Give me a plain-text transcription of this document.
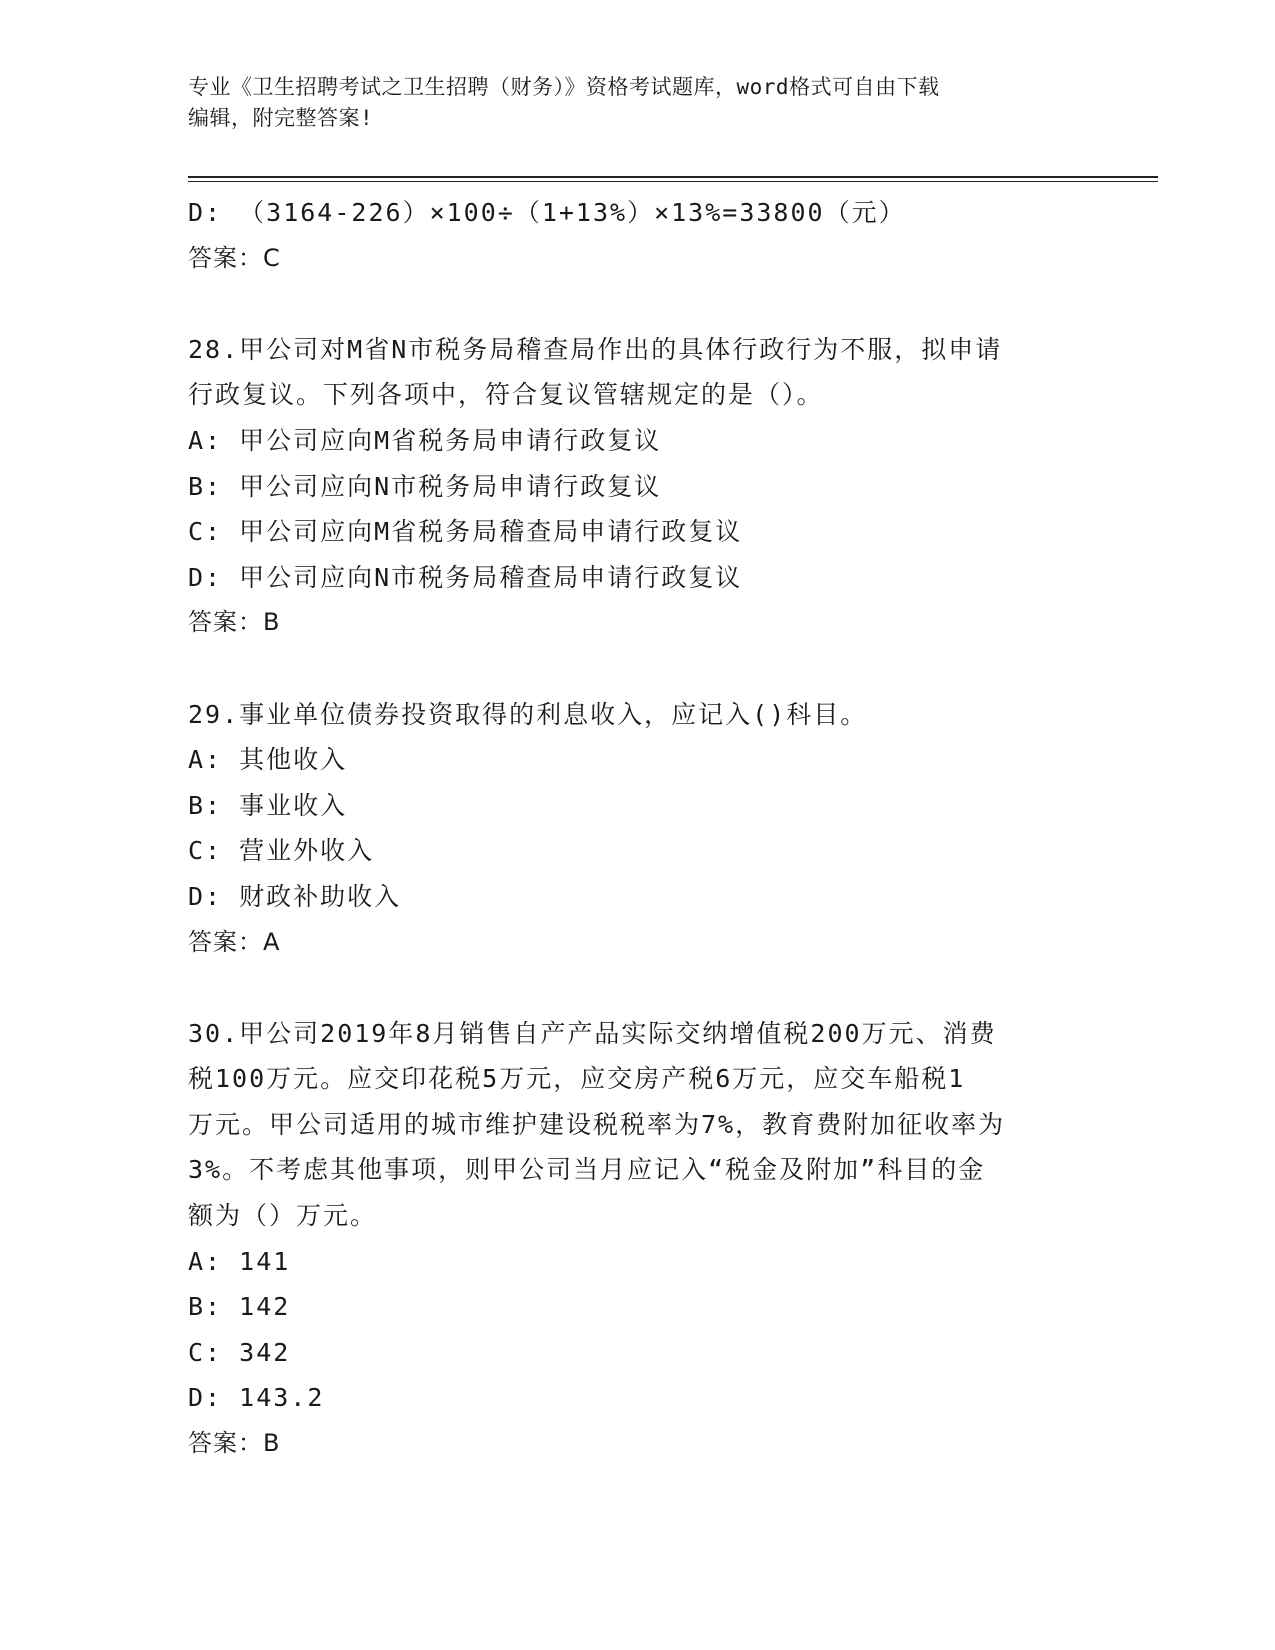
专业《卫生招聘考试之卫生招聘（财务）》资格考试题库，word格式可自由下载
编辑，附完整答案!
D: （3164-226）×100÷（1+13%）×13%=33800（元）
答案：C
28.甲公司对M省N市税务局稽查局作出的具体行政行为不服，拟申请
行政复议。下列各项中，符合复议管辖规定的是（）。
A: 甲公司应向M省税务局申请行政复议
B: 甲公司应向N市税务局申请行政复议
C: 甲公司应向M省税务局稽查局申请行政复议
D: 甲公司应向N市税务局稽查局申请行政复议
答案：B
29.事业单位债券投资取得的利息收入，应记入()科目。
A: 其他收入
B: 事业收入
C: 营业外收入
D: 财政补助收入
答案：A
30.甲公司2019年8月销售自产产品实际交纳增值税200万元、消费
税100万元。应交印花税5万元，应交房产税6万元，应交车船税1
万元。甲公司适用的城市维护建设税税率为7%，教育费附加征收率为
3%。不考虑其他事项，则甲公司当月应记入“税金及附加”科目的金
额为（）万元。
A: 141
B: 142
C: 342
D: 143.2
答案：B
